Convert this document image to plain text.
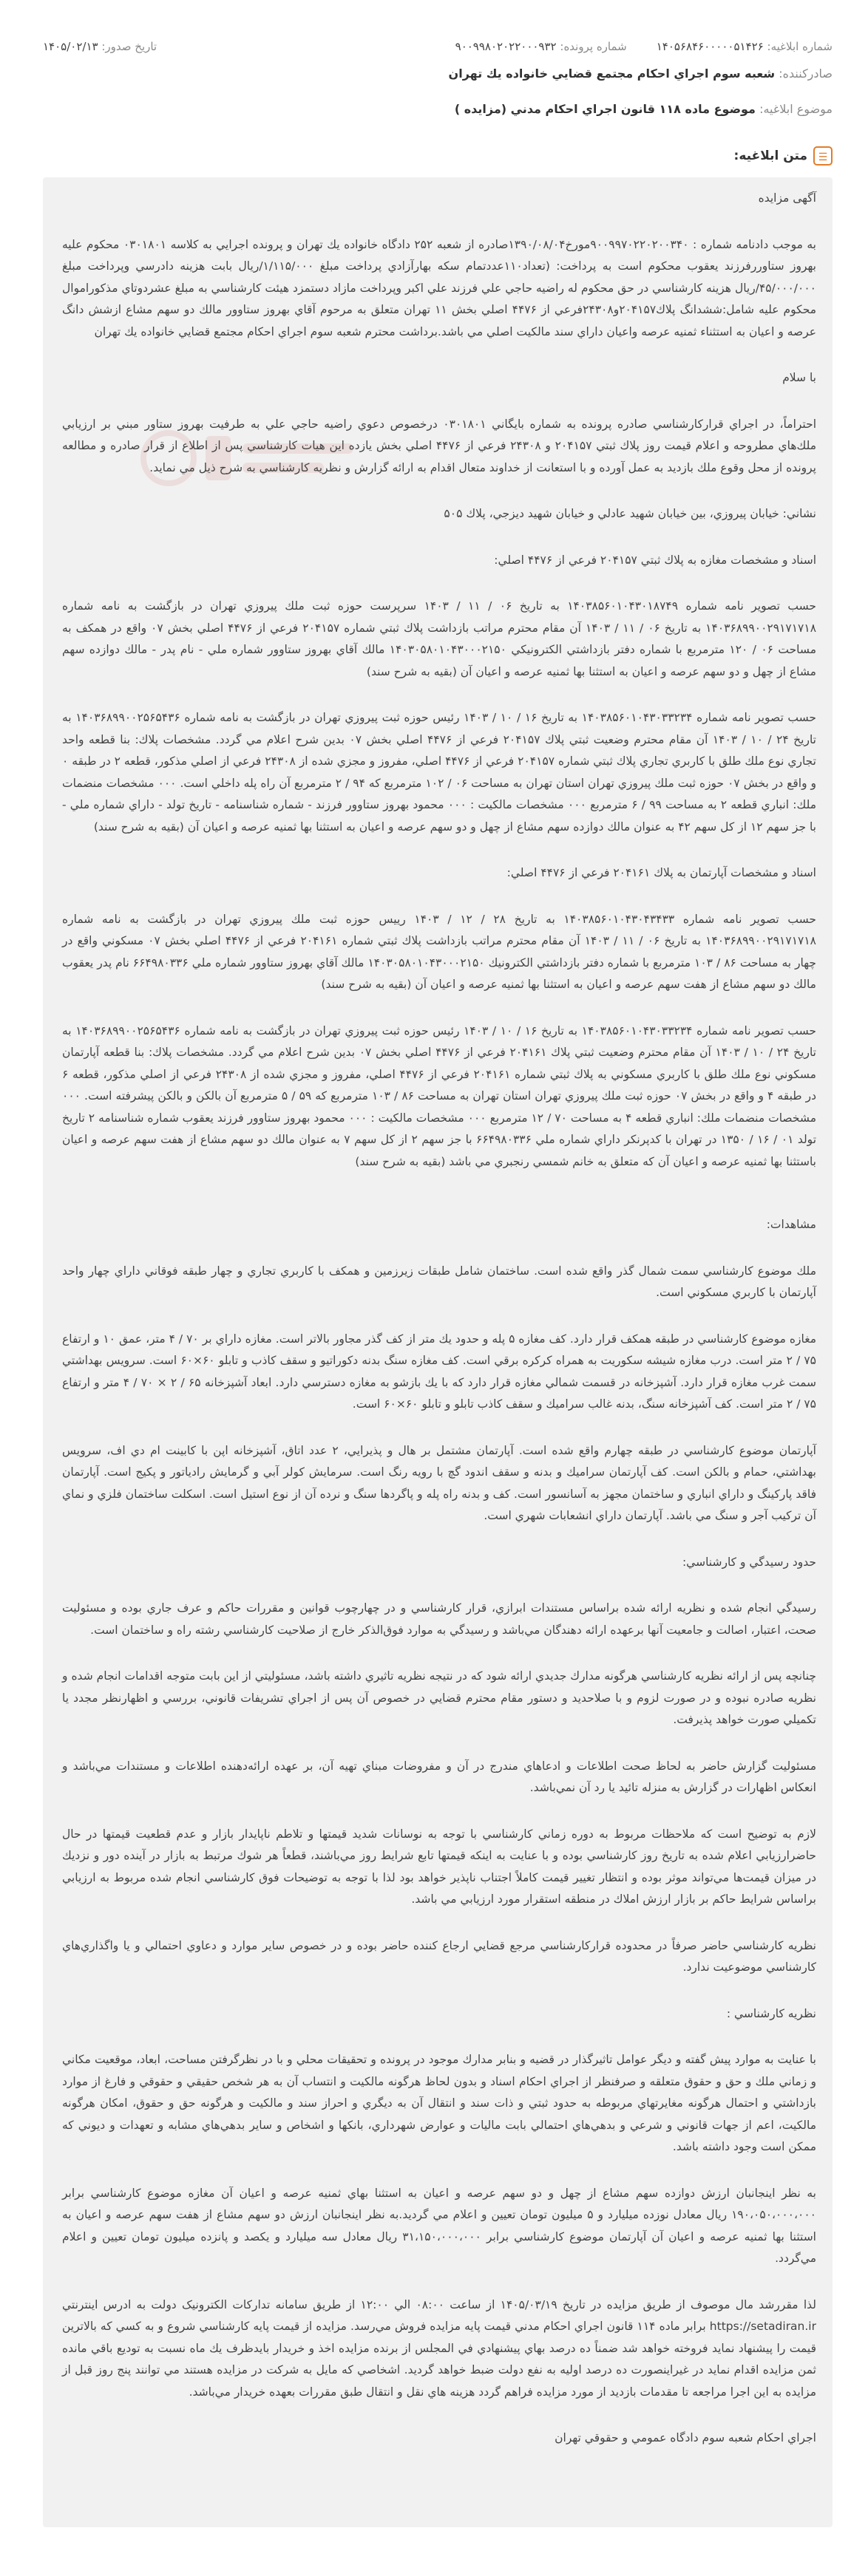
شماره ابلاغیه: ۱۴۰۵۶۸۴۶۰۰۰۰۰۵۱۴۲۶
شماره پرونده: ۹۰۰۹۹۸۰۲۰۲۲۰۰۰۹۳۲
تاریخ صدور: ۱۴۰۵/۰۲/۱۳
صادرکننده: شعبه سوم اجراي احکام مجتمع قضايي خانواده يك تهران
موضوع ابلاغیه: موضوع ماده ۱۱۸ قانون اجراي احكام مدني (مزايده )
☰
متن ابلاغیه:

آگهی مزایده

به موجب دادنامه شماره : ۹۰۰۹۹۷۰۲۲۰۲۰۰۳۴۰مورخ۱۳۹۰/۰۸/۰۴صادره از شعبه ۲۵۲ دادگاه خانواده يك تهران و پرونده اجرايي به کلاسه ۰۳۰۱۸۰۱ محکوم عليه بهروز ستاوررفرزند يعقوب محكوم است به پرداخت: (تعداد۱۱۰عددتمام سكه بهارآزادي پرداخت مبلغ ۱/۱۱۵/۰۰۰/ريال بابت هزينه دادرسي وپرداخت مبلغ ۴۵/۰۰۰/۰۰۰/ريال هزينه كارشناسي در حق محکوم له راضيه حاجي علي فرزند علي اكبر وپرداخت مازاد دستمزد هيئت كارشناسي به مبلغ عشردوتاي مذكوراموال محكوم عليه شامل:ششدانگ پلاك۲۰۴۱۵۷و۲۴۳۰۸فرعي از ۴۴۷۶ اصلي بخش ۱۱ تهران متعلق به مرحوم آقاي بهروز ستاوور مالك دو سهم مشاع ازشش دانگ عرصه و اعيان به استثناء ثمنيه عرصه واعيان داراي سند مالكيت اصلي مي باشد.برداشت محترم شعبه سوم اجراي احكام مجتمع قضايي خانواده يك تهران

با سلام

احتراماً، در اجراي قرارکارشناسي صادره پرونده به شماره بايگاني ۰۳۰۱۸۰۱ درخصوص دعوي راضيه حاجي علي به طرفيت بهروز ستاور مبني بر ارزيابي ملك‌هاي مطروحه و اعلام قيمت روز پلاك ثبتي ۲۰۴۱۵۷ و ۲۴۳۰۸ فرعي از ۴۴۷۶ اصلي بخش يازده اين هيات كارشناسي پس از اطلاع از قرار صادره و مطالعه پرونده از محل وقوع ملك بازديد به عمل آورده و با استعانت از خداوند متعال اقدام به ارائه گزارش و نظريه كارشناسي به شرح ذيل مي نمايد.

نشاني: خيابان پيروزي، بين خيابان شهيد عادلي و خيابان شهيد ديزجي، پلاك ۵۰۵

اسناد و مشخصات مغازه به پلاك ثبتي ۲۰۴۱۵۷ فرعي از ۴۴۷۶ اصلي:

حسب تصوير نامه شماره ۱۴۰۳۸۵۶۰۱۰۴۳۰۱۸۷۴۹ به تاريخ ۰۶ / ۱۱ / ۱۴۰۳ سرپرست حوزه ثبت ملك پيروزي تهران در بازگشت به نامه شماره ۱۴۰۳۶۸۹۹۰۰۲۹۱۷۱۷۱۸ به تاريخ ۰۶ / ۱۱ / ۱۴۰۳ آن مقام محترم مراتب بازداشت پلاك ثبتي شماره ۲۰۴۱۵۷ فرعي از ۴۴۷۶ اصلي بخش ۰۷ واقع در همكف به مساحت ۰۶ / ۱۲۰ مترمربع با شماره دفتر بازداشتي الكترونيكي ۱۴۰۳۰۵۸۰۱۰۴۳۰۰۰۲۱۵۰ مالك آقاي بهروز ستاوور شماره ملي - نام پدر - مالك دوازده سهم مشاع از چهل و دو سهم عرصه و اعيان به استثنا بها ثمنيه عرصه و اعيان آن (بقيه به شرح سند)

حسب تصوير نامه شماره ۱۴۰۳۸۵۶۰۱۰۴۳۰۳۳۲۳۴ به تاريخ ۱۶ / ۱۰ / ۱۴۰۳ رئيس حوزه ثبت پيروزي تهران در بازگشت به نامه شماره ۱۴۰۳۶۸۹۹۰۰۲۵۶۵۴۳۶ به تاريخ ۲۴ / ۱۰ / ۱۴۰۳ آن مقام محترم وضعيت ثبتي پلاك ۲۰۴۱۵۷ فرعي از ۴۴۷۶ اصلي بخش ۰۷ بدين شرح اعلام مي گردد. مشخصات پلاك: بنا قطعه واحد تجاري نوع ملك طلق با كاربري تجاري پلاك ثبتي شماره ۲۰۴۱۵۷ فرعي از ۴۴۷۶ اصلي، مفروز و مجزي شده از ۲۴۳۰۸ فرعي از اصلي مذكور، قطعه ۲ در طبقه ۰ و واقع در بخش ۰۷ حوزه ثبت ملك پيروزي تهران استان تهران به مساحت ۰۶ / ۱۰۲ مترمربع كه ۹۴ / ۲ مترمربع آن راه پله داخلي است. ۰۰۰ مشخصات منضمات ملك: انباري قطعه ۲ به مساحت ۹۹ / ۶ مترمربع ۰۰۰ مشخصات مالكيت : ۰۰۰ محمود بهروز ستاوور فرزند - شماره شناسنامه - تاريخ تولد - داراي شماره ملي - با جز سهم ۱۲ از كل سهم ۴۲ به عنوان مالك دوازده سهم مشاع از چهل و دو سهم عرصه و اعيان به استثنا بها ثمنيه عرصه و اعيان آن (بقيه به شرح سند)

اسناد و مشخصات آپارتمان به پلاك ۲۰۴۱۶۱ فرعي از ۴۴۷۶ اصلي:

حسب تصوير نامه شماره ۱۴۰۳۸۵۶۰۱۰۴۳۰۴۳۴۳۳ به تاريخ ۲۸ / ۱۲ / ۱۴۰۳ رييس حوزه ثبت ملك پيروزي تهران در بازگشت به نامه شماره ۱۴۰۳۶۸۹۹۰۰۲۹۱۷۱۷۱۸ به تاريخ ۰۶ / ۱۱ / ۱۴۰۳ آن مقام محترم مراتب بازداشت پلاك ثبتي شماره ۲۰۴۱۶۱ فرعي از ۴۴۷۶ اصلي بخش ۰۷ مسكوني واقع در چهار به مساحت ۸۶ / ۱۰۳ مترمربع با شماره دفتر بازداشتي الكترونيك ۱۴۰۳۰۵۸۰۱۰۴۳۰۰۰۲۱۵۰ مالك آقاي بهروز ستاوور شماره ملي ۶۶۴۹۸۰۳۳۶ نام پدر يعقوب مالك دو سهم مشاع از هفت سهم عرصه و اعيان به استثنا بها ثمنيه عرصه و اعيان آن (بقيه به شرح سند)

حسب تصوير نامه شماره ۱۴۰۳۸۵۶۰۱۰۴۳۰۳۳۲۳۴ به تاريخ ۱۶ / ۱۰ / ۱۴۰۳ رئيس حوزه ثبت پيروزي تهران در بازگشت به نامه شماره ۱۴۰۳۶۸۹۹۰۰۲۵۶۵۴۳۶ به تاريخ ۲۴ / ۱۰ / ۱۴۰۳ آن مقام محترم وضعيت ثبتي پلاك ۲۰۴۱۶۱ فرعي از ۴۴۷۶ اصلي بخش ۰۷ بدين شرح اعلام مي گردد. مشخصات پلاك: بنا قطعه آپارتمان مسكوني نوع ملك طلق با كاربري مسكوني به پلاك ثبتي شماره ۲۰۴۱۶۱ فرعي از ۴۴۷۶ اصلي، مفروز و مجزي شده از ۲۴۳۰۸ فرعي از اصلي مذكور، قطعه ۶ در طبقه ۴ و واقع در بخش ۰۷ حوزه ثبت ملك پيروزي تهران استان تهران به مساحت ۸۶ / ۱۰۳ مترمربع كه ۵۹ / ۵ مترمربع آن بالكن و بالكن پيشرفته است. ۰۰۰ مشخصات منضمات ملك: انباري قطعه ۴ به مساحت ۷۰ / ۱۲ مترمربع ۰۰۰ مشخصات مالكيت : ۰۰۰ محمود بهروز ستاوور فرزند يعقوب شماره شناسنامه ۲ تاريخ تولد ۰۱ / ۱۶ / ۱۳۵۰ در تهران با كدپرنكر داراي شماره ملي ۶۶۴۹۸۰۳۳۶ با جز سهم ۲ از كل سهم ۷ به عنوان مالك دو سهم مشاع از هفت سهم عرصه و اعيان باستثنا بها ثمنيه عرصه و اعيان آن كه متعلق به خانم شمسي رنجبري مي باشد (بقيه به شرح سند)

مشاهدات:

ملك موضوع كارشناسي سمت شمال گذر واقع شده است. ساختمان شامل طبقات زيرزمين و همكف با كاربري تجاري و چهار طبقه فوقاني داراي چهار واحد آپارتمان با كاربري مسكوني است.

مغازه موضوع كارشناسي در طبقه همكف قرار دارد. كف مغازه ۵ پله و حدود يك متر از كف گذر مجاور بالاتر است. مغازه داراي بر ۷۰ / ۴ متر، عمق ۱۰ و ارتفاع ۷۵ / ۲ متر است. درب مغازه شيشه سكوريت به همراه كركره برقي است. كف مغازه سنگ بدنه دكوراتيو و سقف كاذب و تابلو ۶۰×۶۰ است. سرويس بهداشتي سمت غرب مغازه قرار دارد. آشپزخانه در قسمت شمالي مغازه قرار دارد كه با يك بازشو به مغازه دسترسي دارد. ابعاد آشپزخانه ۶۵ / ۲ × ۷۰ / ۴ متر و ارتفاع ۷۵ / ۲ متر است. كف آشپزخانه سنگ، بدنه غالب سراميك و سقف كاذب تابلو و تابلو ۶۰×۶۰ است.

آپارتمان موضوع كارشناسي در طبقه چهارم واقع شده است. آپارتمان مشتمل بر هال و پذيرايي، ۲ عدد اتاق، آشپزخانه اپن با كابينت ام دي اف، سرويس بهداشتي، حمام و بالكن است. كف آپارتمان سراميك و بدنه و سقف اندود گچ با رويه رنگ است. سرمايش كولر آبي و گرمايش رادياتور و پكيج است. آپارتمان فاقد پاركينگ و داراي انباري و ساختمان مجهز به آسانسور است. كف و بدنه راه پله و پاگردها سنگ و نرده آن از نوع استيل است. اسكلت ساختمان فلزي و نماي آن تركيب آجر و سنگ مي باشد. آپارتمان داراي انشعابات شهري است.

حدود رسيدگي و كارشناسي:

رسيدگي انجام شده و نظريه ارائه شده براساس مستندات ابرازي، قرار كارشناسي و در چهارچوب قوانين و مقررات حاكم و عرف جاري بوده و مسئوليت صحت، اعتبار، اصالت و جامعيت آنها برعهده ارائه دهندگان مي‌باشد و رسيدگي به موارد فوق‌الذكر خارج از صلاحيت كارشناسي رشته راه و ساختمان است.

چنانچه پس از ارائه نظريه كارشناسي هرگونه مدارك جديدي ارائه شود كه در نتيجه نظريه تاثيري داشته باشد، مسئوليتي از اين بابت متوجه اقدامات انجام شده و نظريه صادره نبوده و در صورت لزوم و با صلاحديد و دستور مقام محترم قضايي در خصوص آن پس از اجراي تشريفات قانوني، بررسي و اظهارنظر مجدد يا تكميلي صورت خواهد پذيرفت.

مسئوليت گزارش حاضر به لحاظ صحت اطلاعات و ادعاهاي مندرج در آن و مفروضات مبناي تهيه آن، بر عهده ارائه‌دهنده اطلاعات و مستندات مي‌باشد و انعكاس اظهارات در گزارش به منزله تائيد يا رد آن نمي‌باشد.

لازم به توضيح است كه ملاحظات مربوط به دوره زماني كارشناسي با توجه به نوسانات شديد قيمتها و تلاطم ناپايدار بازار و عدم قطعيت قيمتها در حال حاضرارزيابي اعلام شده به تاريخ روز كارشناسي بوده و با عنايت به اينكه قيمتها تابع شرايط روز مي‌باشند، قطعاً هر شوك مرتبط به بازار در آينده دور و نزديك در ميزان قيمت‌ها مي‌تواند موثر بوده و انتظار تغيير قيمت كاملاً اجتناب ناپذير خواهد بود لذا با توجه به توضيحات فوق كارشناسي انجام شده مربوط به ارزيابي براساس شرايط حاكم بر بازار ارزش املاك در منطقه استقرار مورد ارزيابي مي باشد.

نظريه كارشناسي حاضر صرفاً در محدوده قراركارشناسي مرجع قضايي ارجاع كننده حاضر بوده و در خصوص ساير موارد و دعاوي احتمالي و يا واگذاري‌هاي كارشناسي موضوعيت ندارد.

نظريه كارشناسي :

با عنايت به موارد پيش گفته و ديگر عوامل تاثيرگذار در قضيه و بنابر مدارك موجود در پرونده و تحقيقات محلي و با در نظرگرفتن مساحت، ابعاد، موقعيت مكاني و زماني ملك و حق و حقوق متعلقه و صرفنظر از اجراي احكام اسناد و بدون لحاظ هرگونه مالكيت و انتساب آن به هر شخص حقيقي و حقوقي و فارغ از موارد بازداشتي و احتمال هرگونه مغايرتهاي مربوطه به حدود ثبتي و ذات سند و انتقال آن به ديگري و احراز سند و مالكيت و هرگونه حق و حقوق، امكان هرگونه مالكيت، اعم از جهات قانوني و شرعي و بدهي‌هاي احتمالي بابت ماليات و عوارض شهرداري، بانكها و اشخاص و ساير بدهي‌هاي مشابه و تعهدات و ديوني كه ممكن است وجود داشته باشد.

به نظر اينجانبان ارزش دوازده سهم مشاع از چهل و دو سهم عرصه و اعيان به استثنا بهاي ثمنيه عرصه و اعيان آن مغازه موضوع كارشناسي برابر ۱۹۰،۰۵۰،۰۰۰،۰۰۰ ريال معادل نوزده ميليارد و ۵ ميليون تومان تعيين و اعلام مي گرديد.به نظر اينجانبان ارزش دو سهم مشاع از هفت سهم عرصه و اعيان به استثنا بها ثمنيه عرصه و اعيان آن آپارتمان موضوع كارشناسي برابر ۳۱،۱۵۰،۰۰۰،۰۰۰ ريال معادل سه ميليارد و يكصد و پانزده ميليون تومان تعيين و اعلام مي‌گردد.

لذا مقررشد مال موصوف از طريق مزايده در تاريخ ۱۴۰۵/۰۳/۱۹ از ساعت ۰۸:۰۰ الي ۱۲:۰۰ از طريق سامانه تدارکات الکترونيک دولت به ادرس اينترنتي https://setadiran.ir برابر ماده ۱۱۴ قانون اجراي احکام مدني قيمت پايه مزايده فروش مي‌رسد. مزايده از قيمت پايه كارشناسي شروع و به كسي كه بالاترين قيمت را پيشنهاد نمايد فروخته خواهد شد ضمناً ده درصد بهاي پيشنهادي في المجلس از برنده مزايده اخذ و خريدار بايدظرف يك ماه نسبت به توديع باقي مانده ثمن مزايده اقدام نمايد در غيراينصورت ده درصد اوليه به نفع دولت ضبط خواهد گرديد. اشخاصي كه مايل به شركت در مزايده هستند مي توانند پنج روز قبل از مزايده به اين اجرا مراجعه تا مقدمات بازديد از مورد مزايده فراهم گردد هزينه هاي نقل و انتقال طبق مقررات بعهده خريدار مي‌باشد.

اجراي احكام شعبه سوم دادگاه عمومي و حقوقي تهران
